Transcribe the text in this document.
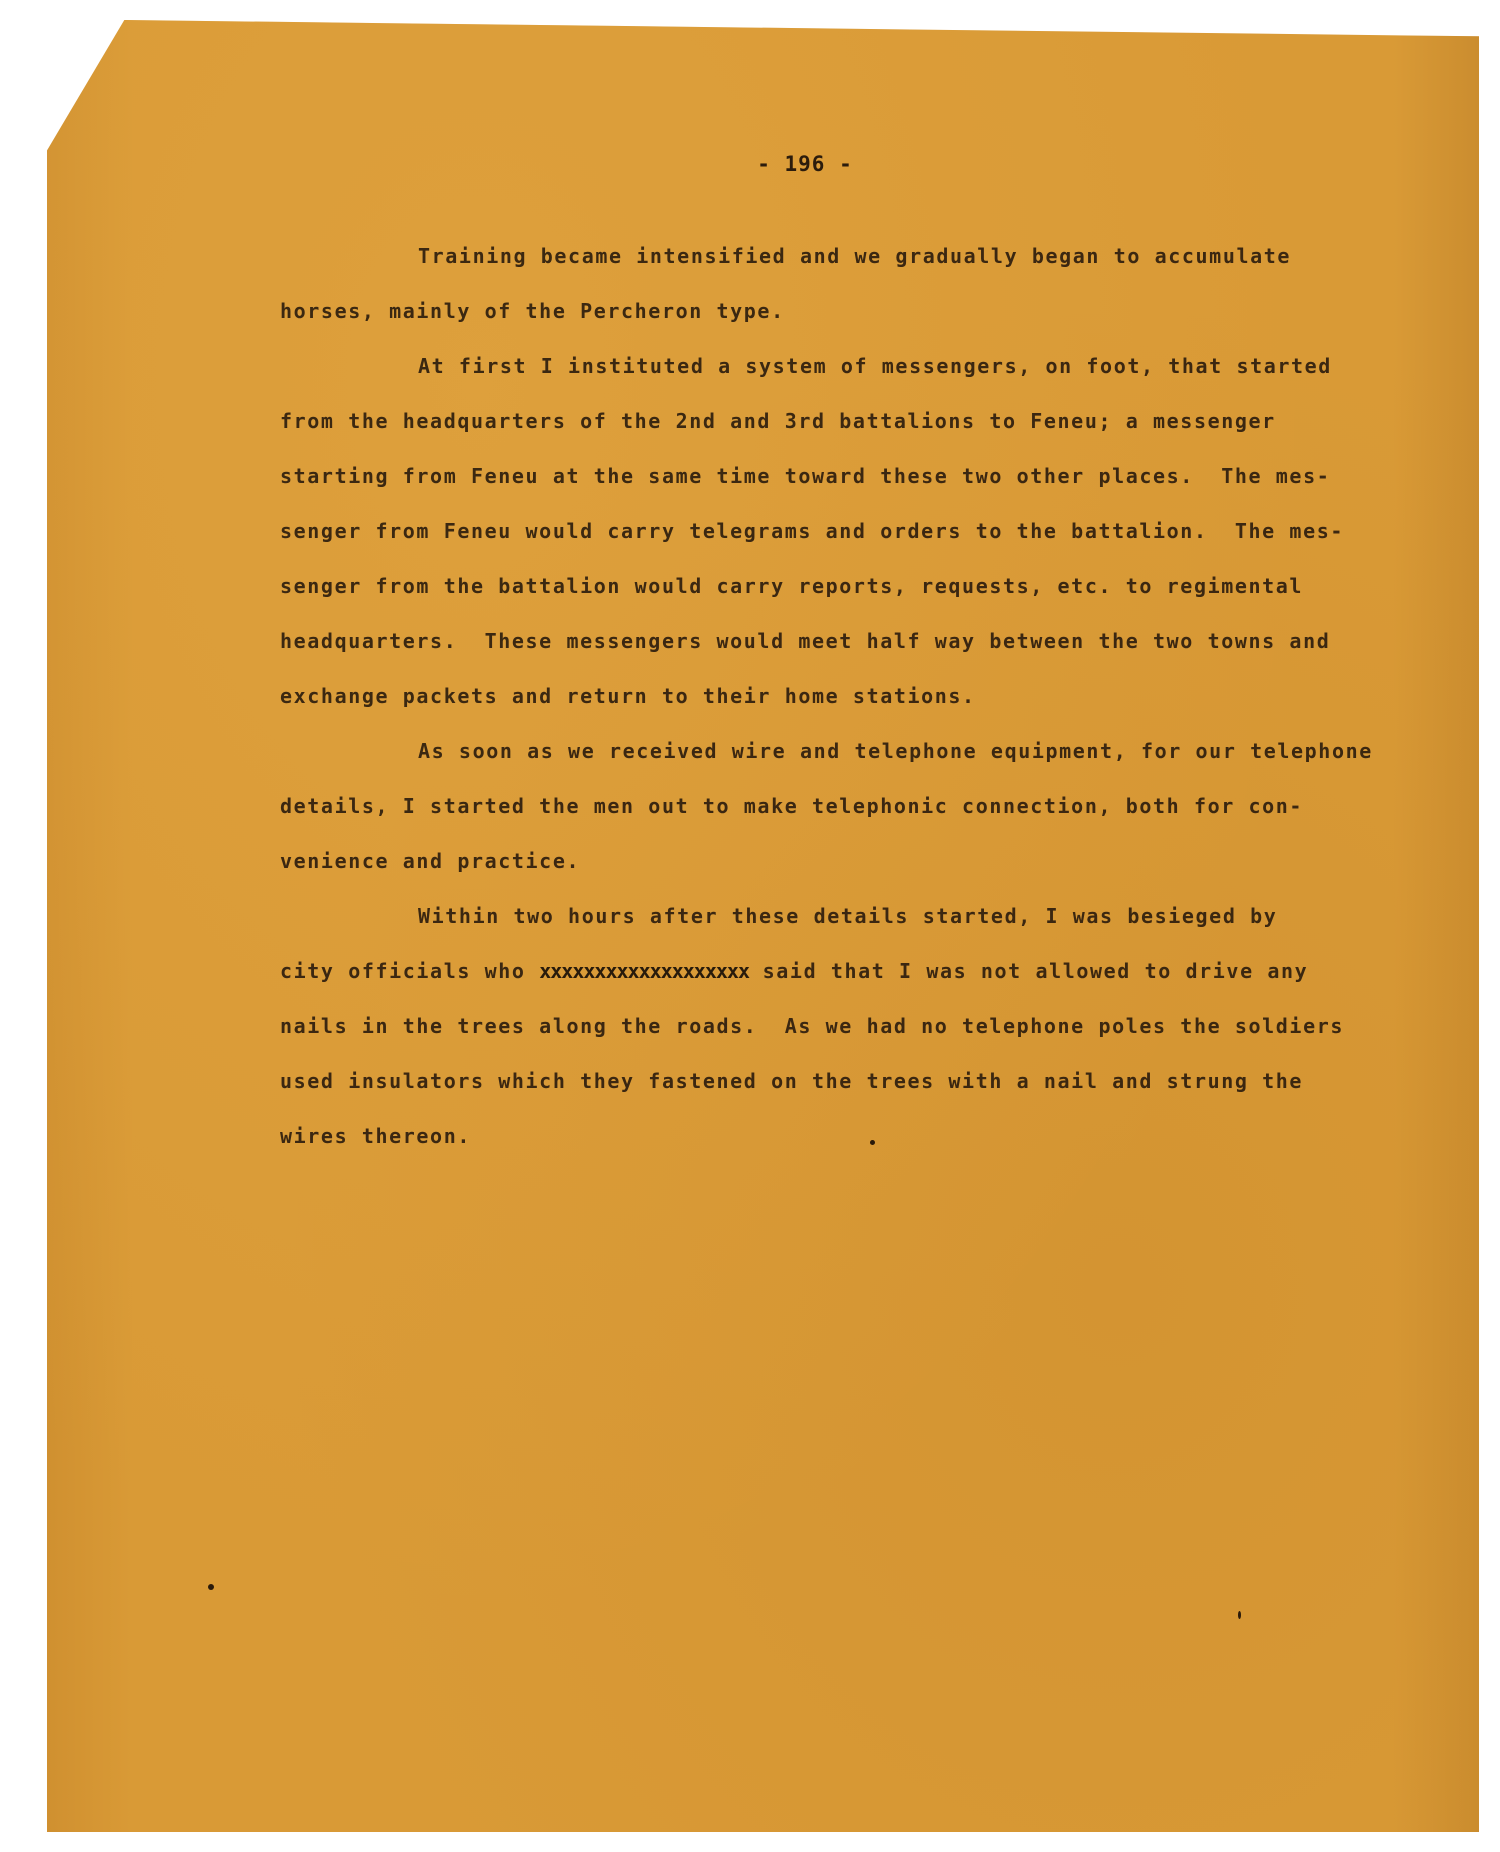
- 196 -
Training became intensified and we gradually began to accumulate
horses, mainly of the Percheron type.
At first I instituted a system of messengers, on foot, that started
from the headquarters of the 2nd and 3rd battalions to Feneu; a messenger
starting from Feneu at the same time toward these two other places.  The mes-
senger from Feneu would carry telegrams and orders to the battalion.  The mes-
senger from the battalion would carry reports, requests, etc. to regimental
headquarters.  These messengers would meet half way between the two towns and
exchange packets and return to their home stations.
As soon as we received wire and telephone equipment, for our telephone
details, I started the men out to make telephonic connection, both for con-
venience and practice.
Within two hours after these details started, I was besieged by
city officials who xxxxxxxxxxxxxxxxxxx said that I was not allowed to drive any
nails in the trees along the roads.  As we had no telephone poles the soldiers
used insulators which they fastened on the trees with a nail and strung the
wires thereon.
